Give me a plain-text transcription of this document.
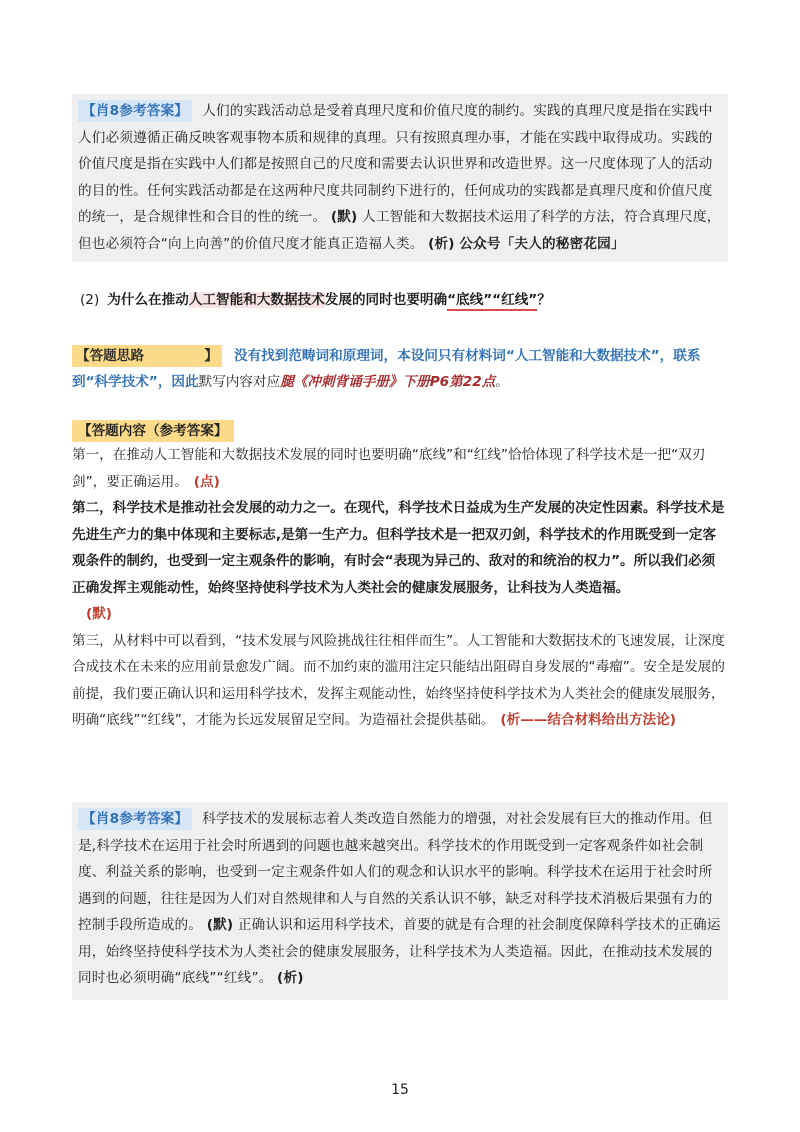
【肖8参考答案】 人们的实践活动总是受着真理尺度和价值尺度的制约。实践的真理尺度是指在实践中人们必须遵循正确反映客观事物本质和规律的真理。只有按照真理办事，才能在实践中取得成功。实践的价值尺度是指在实践中人们都是按照自己的尺度和需要去认识世界和改造世界。这一尺度体现了人的活动的目的性。任何实践活动都是在这两种尺度共同制约下进行的，任何成功的实践都是真理尺度和价值尺度的统一，是合规律性和合目的性的统一。 (默) 人工智能和大数据技术运用了科学的方法，符合真理尺度，但也必须符合“向上向善”的价值尺度才能真正造福人类。 (析) 公众号「夫人的秘密花园」
(2) 为什么在推动人工智能和大数据技术发展的同时也要明确“底线”“红线”？
【答题思路	】 没有找到范畴词和原理词，本设问只有材料词“人工智能和大数据技术”，联系到“科学技术”，因此默写内容对应腿《冲刺背诵手册》下册P6第22点。
【答题内容（参考答案】

第一，在推动人工智能和大数据技术发展的同时也要明确“底线”和“红线”恰恰体现了科学技术是一把“双刃剑”，要正确运用。 (点)

第二，科学技术是推动社会发展的动力之一。在现代，科学技术日益成为生产发展的决定性因素。科学技术是先进生产力的集中体现和主要标志,是第一生产力。但科学技术是一把双刃剑，科学技术的作用既受到一定客观条件的制约，也受到一定主观条件的影响，有时会“表现为异己的、敌对的和统治的权力”。所以我们必须正确发挥主观能动性，始终坚持使科学技术为人类社会的健康发展服务，让科技为人类造福。
(默)

第三，从材料中可以看到，“技术发展与风险挑战往往相伴而生”。人工智能和大数据技术的飞速发展，让深度合成技术在未来的应用前景愈发广阔。而不加约束的滥用注定只能结出阻碍自身发展的“毒瘤”。安全是发展的前提，我们要正确认识和运用科学技术，发挥主观能动性，始终坚持使科学技术为人类社会的健康发展服务，明确“底线”“红线”，才能为长远发展留足空间。为造福社会提供基础。 (析——结合材料给出方法论)

【肖8参考答案】 科学技术的发展标志着人类改造自然能力的增强，对社会发展有巨大的推动作用。但是,科学技术在运用于社会时所遇到的问题也越来越突出。科学技术的作用既受到一定客观条件如社会制度、利益关系的影响，也受到一定主观条件如人们的观念和认识水平的影响。科学技术在运用于社会时所遇到的问题，往往是因为人们对自然规律和人与自然的关系认识不够，缺乏对科学技术消极后果强有力的控制手段所造成的。 (默) 正确认识和运用科学技术，首要的就是有合理的社会制度保障科学技术的正确运用，始终坚持使科学技术为人类社会的健康发展服务，让科学技术为人类造福。因此，在推动技术发展的同时也必须明确“底线”“红线”。 (析)
15
